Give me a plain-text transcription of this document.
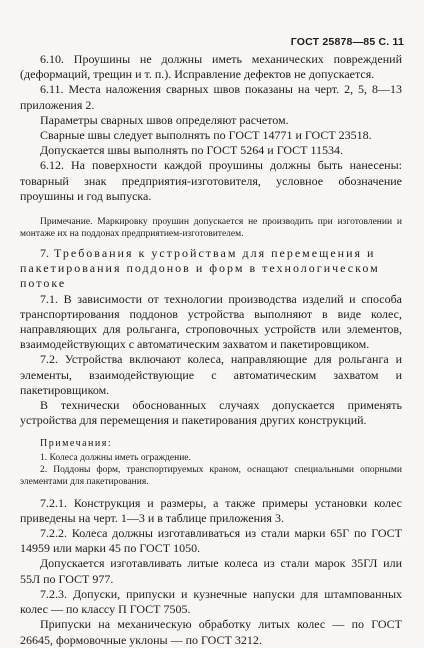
ГОСТ 25878—85 С. 11

6.10. Проушины не должны иметь механических повреждений (деформаций, трещин и т. п.). Исправление дефектов не допускается.

6.11. Места наложения сварных швов показаны на черт. 2, 5, 8—13 приложения 2.

Параметры сварных швов определяют расчетом.

Сварные швы следует выполнять по ГОСТ 14771 и ГОСТ 23518.

Допускается швы выполнять по ГОСТ 5264 и ГОСТ 11534.

6.12. На поверхности каждой проушины должны быть нанесены: товарный знак предприятия-изготовителя, условное обозначение проушины и год выпуска.

Примечание. Маркировку проушин допускается не производить при изготовлении и монтаже их на поддонах предприятием-изготовителем.

7. Требования к устройствам для перемещения и пакетирования поддонов и форм в технологическом потоке

7.1. В зависимости от технологии производства изделий и способа транспортирования поддонов устройства выполняют в виде колес, направляющих для рольганга, строповочных устройств или элементов, взаимодействующих с автоматическим захватом и пакетировщиком.

7.2. Устройства включают колеса, направляющие для рольганга и элементы, взаимодействующие с автоматическим захватом и пакетировщиком.

В технически обоснованных случаях допускается применять устройства для перемещения и пакетирования других конструкций.

Примечания:

1. Колеса должны иметь ограждение.

2. Поддоны форм, транспортируемых краном, оснащают специальными опорными элементами для пакетирования.

7.2.1. Конструкция и размеры, а также примеры установки колес приведены на черт. 1—3 и в таблице приложения 3.

7.2.2. Колеса должны изготавливаться из стали марки 65Г по ГОСТ 14959 или марки 45 по ГОСТ 1050.

Допускается изготавливать литые колеса из стали марок 35ГЛ или 55Л по ГОСТ 977.

7.2.3. Допуски, припуски и кузнечные напуски для штампованных колес — по классу П ГОСТ 7505.

Припуски на механическую обработку литых колес — по ГОСТ 26645, формовочные уклоны — по ГОСТ 3212.
